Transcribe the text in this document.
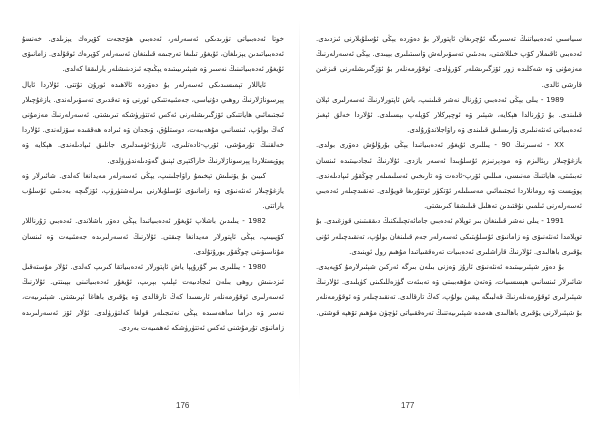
خوتا ئەدەبىياتى تۈرىدىكى ئەسەرلەر، ئەدەبىي ھۆججەت كۆپرەك يېزىلدى. خەنسۇ ئەدەبىياتىدىن يېزىلغان، ئۇيغۇر تىلىغا تەرجىمە قىلىنغان ئەسەرلەر كۆپرەك ئوقۇلدى. زامانىۋى ئۇيغۇر ئەدەبىياتىنىڭ نەسىر ۋە شېئىرىيىتىدە يېڭىچە ئىزدىنىشلەر بارلىققا كەلدى.

ئاياللار تېمىسىدىكى ئەسەرلەر بۇ دەۋردە ئالاھىدە ئورۇن تۇتتى. ئۇلاردا ئايال پېرسوناژلارنىڭ روھىي دۇنياسى، جەمئىيەتتىكى ئورنى ۋە تەقدىرى تەسۋىرلەندى. يازغۇچىلار ئىجتىمائىي ھاياتتىكى ئۆزگىرىشلەرنى ئەكس ئەتتۈرۈشكە تىرىشتى. ئەسەرلەرنىڭ مەزمۇنى كەڭ بولۇپ، ئىنسانىي مۇھەببەت، دوستلۇق، ۋىجدان ۋە ئىرادە ھەققىدە سۆزلەندى. ئۇلاردا خەلقنىڭ تۇرمۇشى، ئۆرپ-ئادەتلىرى، ئارزۇ-ئۈمىدلىرى جانلىق ئىپادىلەندى. ھېكايە ۋە پوۋېستلاردا پېرسوناژلارنىڭ خاراكتېرى ئېنىق گەۋدىلەندۈرۈلدى.

كىيىن بۇ يۆنىلىش تېخىمۇ راۋاجلىنىپ، يېڭى ئەسەرلەر مەيدانغا كەلدى. شائىرلار ۋە يازغۇچىلار ئەنئەنىۋى ۋە زامانىۋى ئۇسلۇبلارنى بىرلەشتۈرۈپ، ئۆزگىچە بەدىئىي ئۇسلۇب ياراتتى.

1982 - يىلىدىن باشلاپ ئۇيغۇر ئەدەبىياتىدا يېڭى دەۋر باشلاندى. ئەدەبىي ژۇرناللار كۆپىيىپ، يېڭى ئاپتورلار مەيدانغا چىقتى. ئۇلارنىڭ ئەسەرلىرىدە جەمئىيەت ۋە ئىنسان مۇناسىۋىتى چوڭقۇر يورۇتۇلدى.

1980 - يىللىرى بىر گۇرۇپپا ياش ئاپتورلار ئەدەبىياتقا كىرىپ كەلدى. ئۇلار مۇستەقىل ئىزدىنىش روھى بىلەن ئىجادىيەت ئېلىپ بېرىپ، ئۇيغۇر ئەدەبىياتىنى بېيىتتى. ئۇلارنىڭ ئەسەرلىرى ئوقۇرمەنلەر ئارىسىدا كەڭ تارقالدى ۋە يۇقىرى باھاغا ئېرىشتى. شېئىرىيەت، نەسر ۋە دراما ساھەسىدە يېڭى نەتىجىلەر قولغا كەلتۈرۈلدى. ئۇلار ئۆز ئەسەرلىرىدە زامانىۋى تۇرمۇشنى ئەكس ئەتتۈرۈشكە ئەھمىيەت بەردى.

سىياسىي ئەدەبىياتنىڭ تەسىرىگە ئۇچرىغان ئاپتورلار بۇ دەۋردە يېڭى ئۇسلۇبلارنى ئىزدىدى. ئەدەبىي ئاقىملار كۆپ خىللاشتى، بەدىئىي تەسۋىرلەش ۋاسىتىلىرى بېيىدى. يېڭى ئەسەرلەرنىڭ مەزمۇنى ۋە شەكلىدە زور ئۆزگىرىشلەر كۆرۈلدى. ئوقۇرمەنلەر بۇ ئۆزگىرىشلەرنى قىزغىن قارشى ئالدى.

1989 - يىلى يېڭى ئەدەبىي ژۇرنال نەشر قىلىنىپ، ياش ئاپتورلارنىڭ ئەسەرلىرى ئېلان قىلىندى. بۇ ژۇرنالدا ھېكايە، شېئىر ۋە ئوچېركلار كۆپلەپ بېسىلدى. ئۇلاردا خەلق ئېغىز ئەدەبىياتى ئەنئەنىلىرى ۋارىسلىق قىلىندى ۋە راۋاجلاندۇرۇلدى.

XX - ئەسىرنىڭ 90 - يىللىرى ئۇيغۇر ئەدەبىياتىدا يېڭى بۇرۇلۇش دەۋرى بولدى. يازغۇچىلار رېئالىزم ۋە مودېرنىزم ئۇسلۇبىدا ئەسەر يازدى. ئۇلارنىڭ ئىجادىيىتىدە ئىنسان تەبىئىتى، ھاياتنىڭ مەنىسى، مىللىي ئۆرپ-ئادەت ۋە تارىخىي ئەسلىمىلەر چوڭقۇر ئىپادىلەندى. پوۋېست ۋە رومانلاردا ئىجتىمائىي مەسىلىلەر ئۆتكۈر ئوتتۇرىغا قويۇلدى. تەنقىدچىلەر ئەدەبىي ئەسەرلەرنى ئىلمىي نۇقتىدىن تەھلىل قىلىشقا كىرىشتى.

1991 - يىلى نەشر قىلىنغان بىر توپلام ئەدەبىي جامائەتچىلىكنىڭ دىققىتىنى قوزغىدى. بۇ توپلامدا ئەنئەنىۋى ۋە زامانىۋى ئۇسلۇبتىكى ئەسەرلەر جەم قىلىنغان بولۇپ، تەنقىدچىلەر ئۇنى يۇقىرى باھالىدى. ئۇلارنىڭ قاراشلىرى ئەدەبىيات تەرەققىياتىدا مۇھىم رول ئوينىدى.

بۇ دەۋر شېئىرىيىتىدە ئەنئەنىۋى ئارۇز ۋەزنى بىلەن بىرگە ئەركىن شېئىرلارمۇ كۆپەيدى. شائىرلار ئىنسانىي ھېسسىيات، ۋەتەن مۇھەببىتى ۋە تەبىئەت گۈزەللىكىنى كۈيلىدى. ئۇلارنىڭ شېئىرلىرى ئوقۇرمەنلەرنىڭ قەلبىگە يېقىن بولۇپ، كەڭ تارقالدى. تەنقىدچىلەر ۋە ئوقۇرمەنلەر بۇ شېئىرلارنى يۇقىرى باھالىدى ھەمدە شېئىرىيەتنىڭ تەرەققىياتى ئۈچۈن مۇھىم تۆھپە قوشتى.

176	177
